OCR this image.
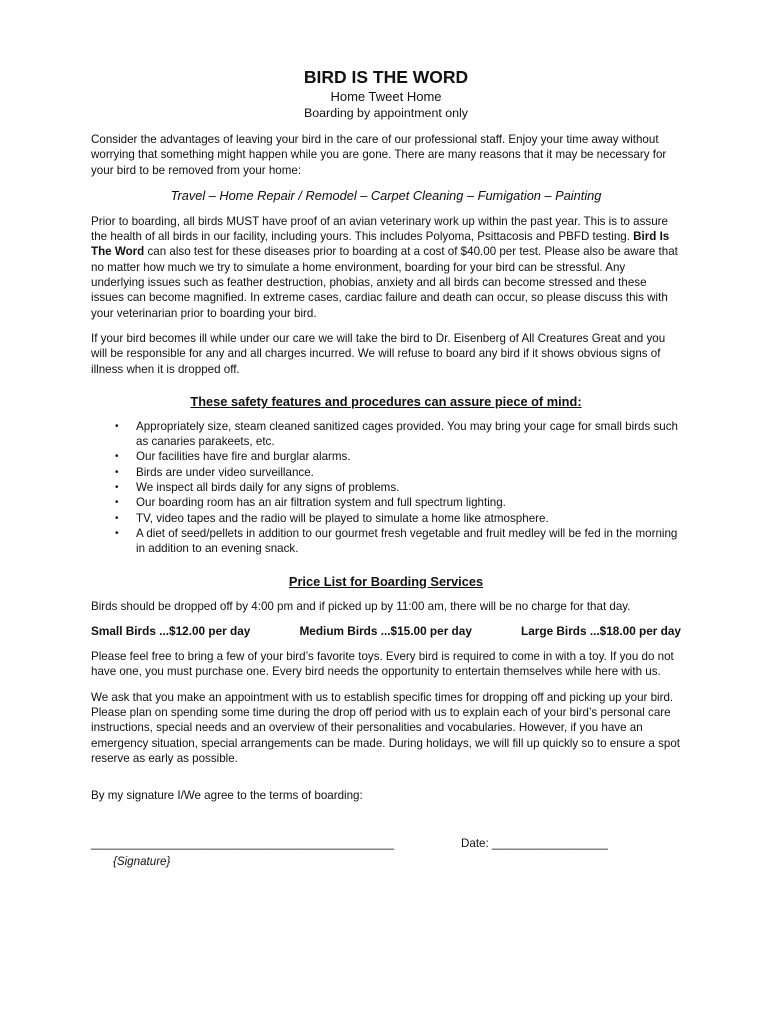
BIRD IS THE WORD
Home Tweet Home
Boarding by appointment only

Consider the advantages of leaving your bird in the care of our professional staff. Enjoy your time away without worrying that something might happen while you are gone. There are many reasons that it may be necessary for your bird to be removed from your home:

Travel – Home Repair / Remodel – Carpet Cleaning – Fumigation – Painting

Prior to boarding, all birds MUST have proof of an avian veterinary work up within the past year. This is to assure the health of all birds in our facility, including yours. This includes Polyoma, Psittacosis and PBFD testing. Bird Is The Word can also test for these diseases prior to boarding at a cost of $40.00 per test. Please also be aware that no matter how much we try to simulate a home environment, boarding for your bird can be stressful. Any underlying issues such as feather destruction, phobias, anxiety and all birds can become stressed and these issues can become magnified. In extreme cases, cardiac failure and death can occur, so please discuss this with your veterinarian prior to boarding your bird.

If your bird becomes ill while under our care we will take the bird to Dr. Eisenberg of All Creatures Great and you will be responsible for any and all charges incurred. We will refuse to board any bird if it shows obvious signs of illness when it is dropped off.

These safety features and procedures can assure piece of mind:
• Appropriately size, steam cleaned sanitized cages provided. You may bring your cage for small birds such as canaries parakeets, etc.
• Our facilities have fire and burglar alarms.
• Birds are under video surveillance.
• We inspect all birds daily for any signs of problems.
• Our boarding room has an air filtration system and full spectrum lighting.
• TV, video tapes and the radio will be played to simulate a home like atmosphere.
• A diet of seed/pellets in addition to our gourmet fresh vegetable and fruit medley will be fed in the morning in addition to an evening snack.
Price List for Boarding Services

Birds should be dropped off by 4:00 pm and if picked up by 11:00 am, there will be no charge for that day.

Small Birds ...$12.00 per day	Medium Birds ...$15.00 per day	Large Birds ...$18.00 per day

Please feel free to bring a few of your bird’s favorite toys. Every bird is required to come in with a toy. If you do not have one, you must purchase one. Every bird needs the opportunity to entertain themselves while here with us.

We ask that you make an appointment with us to establish specific times for dropping off and picking up your bird. Please plan on spending some time during the drop off period with us to explain each of your bird’s personal care instructions, special needs and an overview of their personalities and vocabularies. However, if you have an emergency situation, special arrangements can be made. During holidays, we will fill up quickly so to ensure a spot reserve as early as possible.

By my signature I/We agree to the terms of boarding:

_______________________________________________	Date: __________________
{Signature}
